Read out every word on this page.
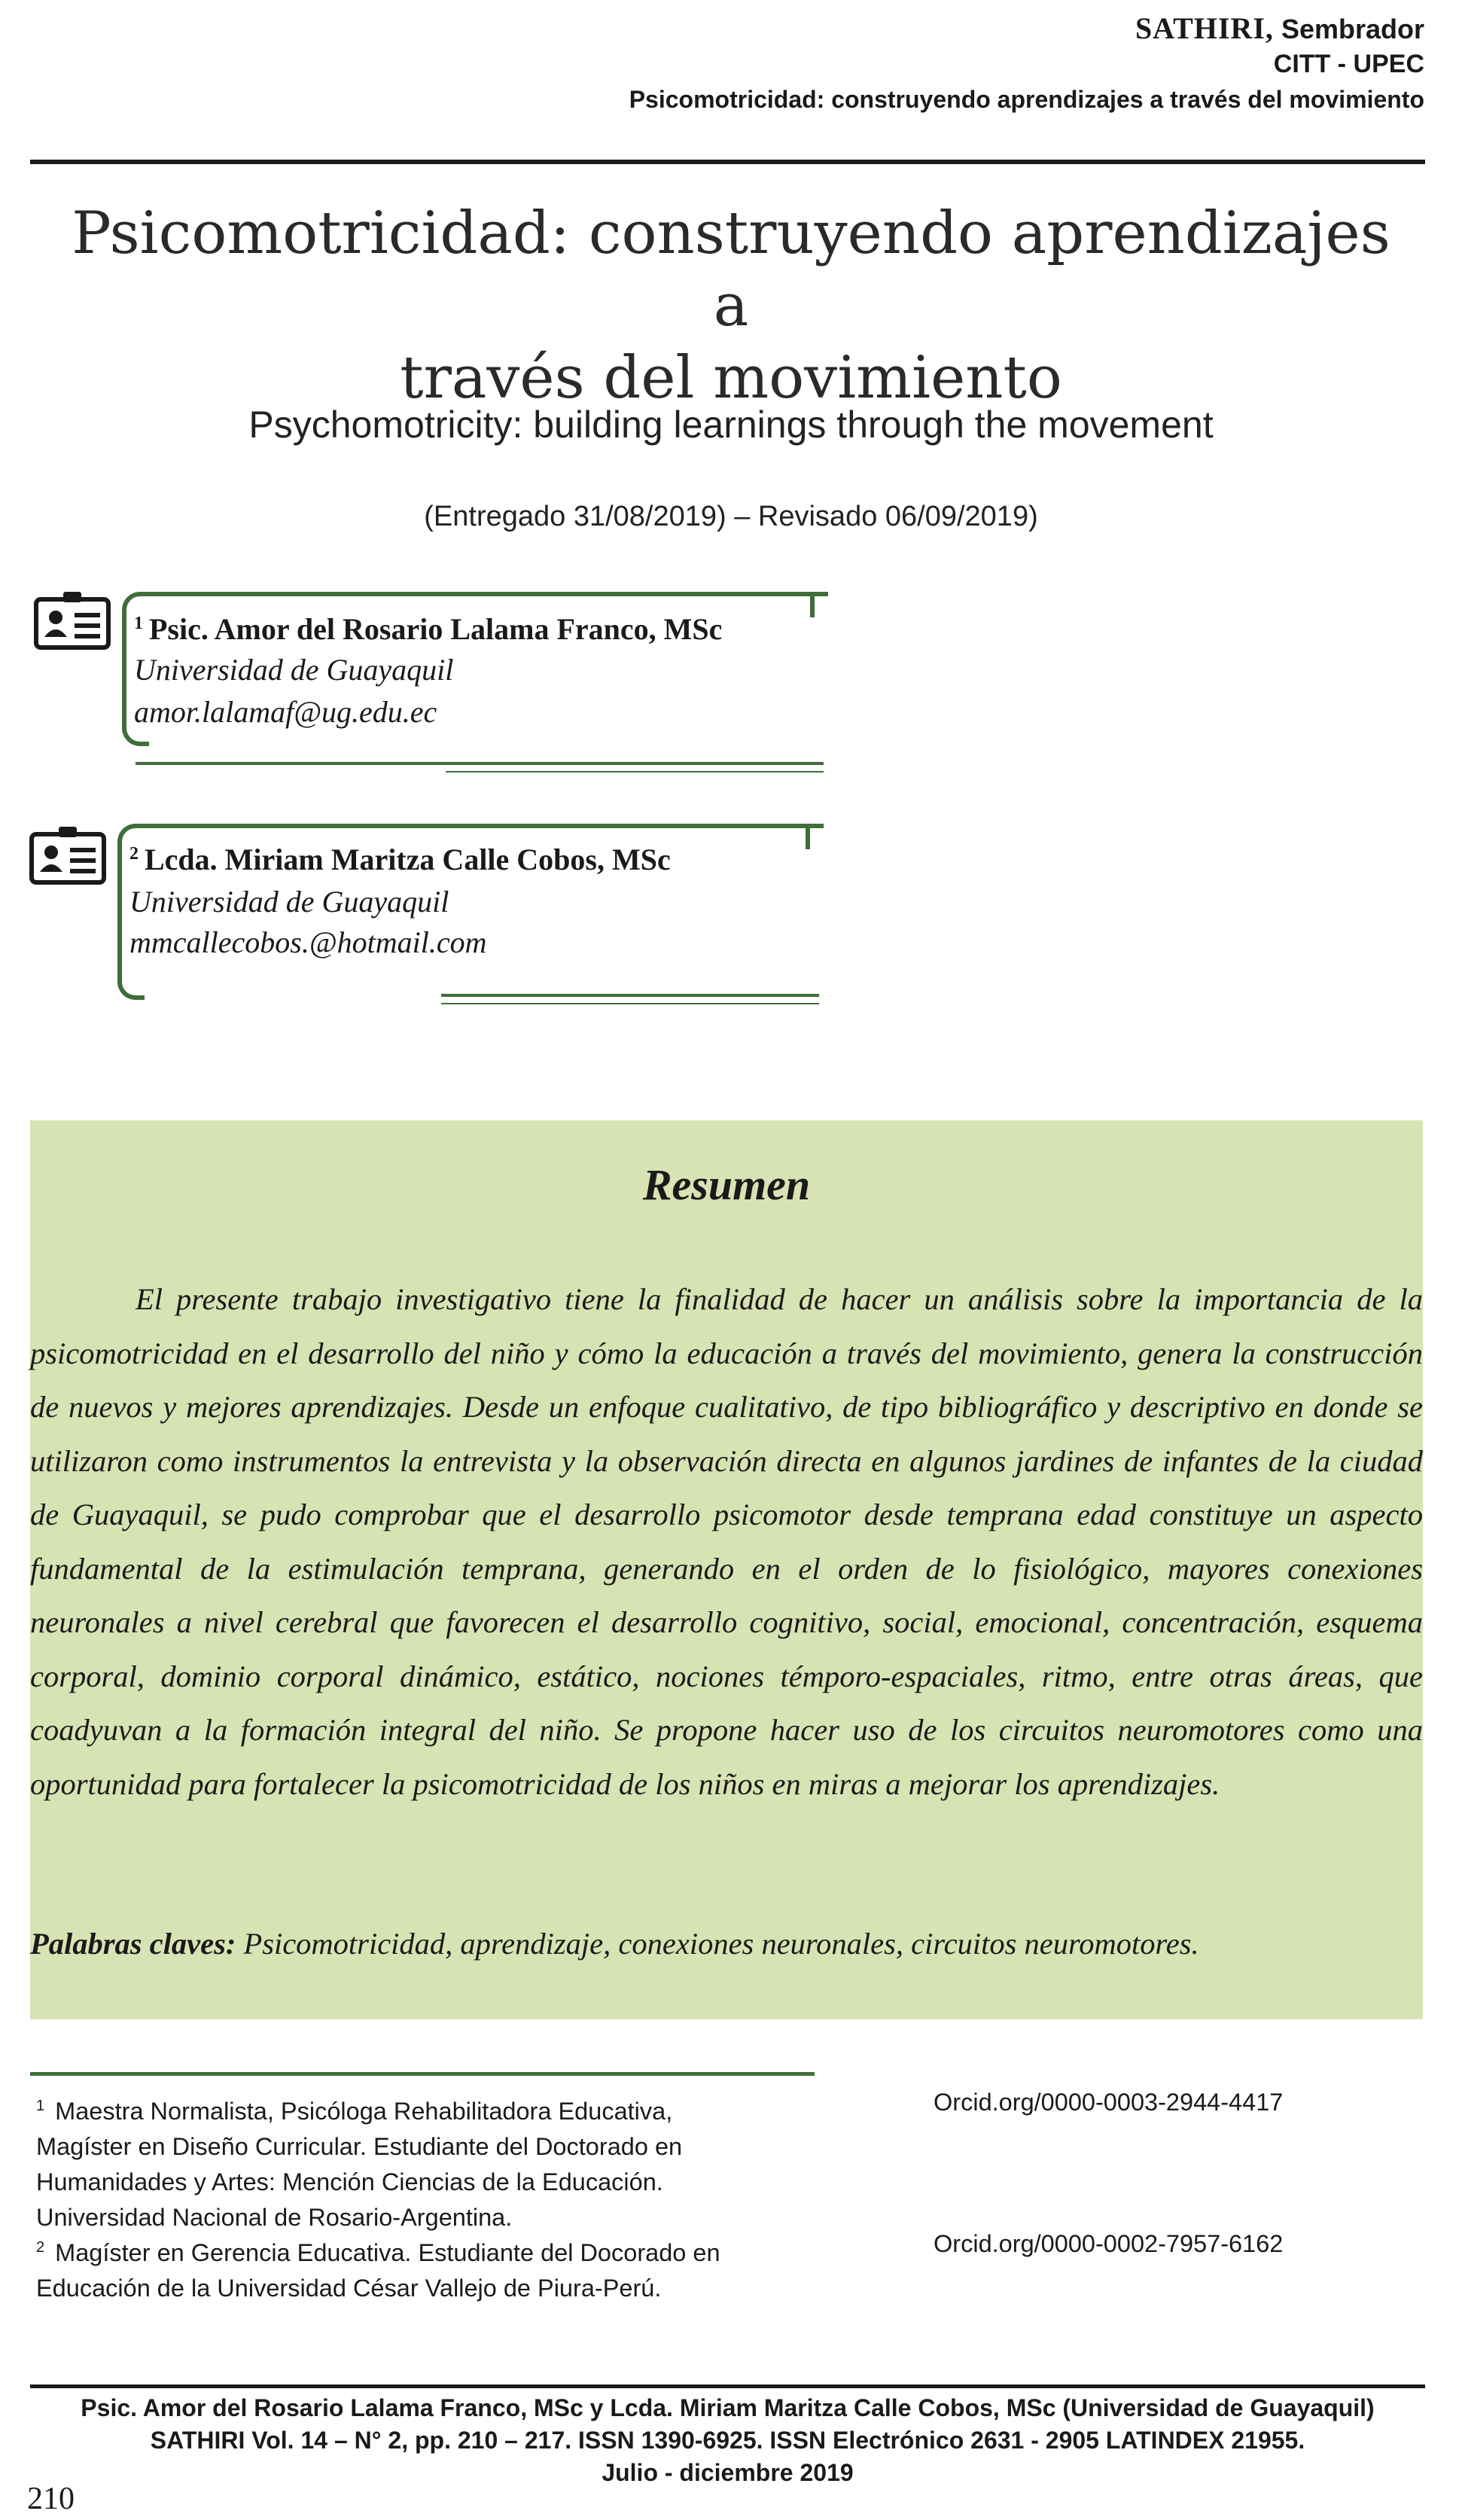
SATHIRI, Sembrador
CITT - UPEC
Psicomotricidad: construyendo aprendizajes a través del movimiento
Psicomotricidad: construyendo aprendizajes a
través del movimiento
Psychomotricity: building learnings through the movement
(Entregado 31/08/2019) – Revisado 06/09/2019)
$^1$ Psic. Amor del Rosario Lalama Franco, MSc
Universidad de Guayaquil
amor.lalamaf@ug.edu.ec
$^2$ Lcda. Miriam Maritza Calle Cobos, MSc
Universidad de Guayaquil
mmcallecobos.@hotmail.com
Resumen
El presente trabajo investigativo tiene la finalidad de hacer un análisis sobre la importancia de la psicomotricidad en el desarrollo del niño y cómo la educación a través del movimiento, genera la construcción de nuevos y mejores aprendizajes. Desde un enfoque cualitativo, de tipo bibliográfico y descriptivo en donde se utilizaron como instrumentos la entrevista y la observación directa en algunos jardines de infantes de la ciudad de Guayaquil, se pudo comprobar que el desarrollo psicomotor desde temprana edad constituye un aspecto fundamental de la estimulación temprana, generando en el orden de lo fisiológico, mayores conexiones neuronales a nivel cerebral que favorecen el desarrollo cognitivo, social, emocional, concentración, esquema corporal, dominio corporal dinámico, estático, nociones témporo-espaciales, ritmo, entre otras áreas, que coadyuvan a la formación integral del niño. Se propone hacer uso de los circuitos neuromotores como una oportunidad para fortalecer la psicomotricidad de los niños en miras a mejorar los aprendizajes.
Palabras claves: Psicomotricidad, aprendizaje, conexiones neuronales, circuitos neuromotores.
$^1$ Maestra Normalista, Psicóloga Rehabilitadora Educativa,
Magíster en Diseño Curricular. Estudiante del Doctorado en
Humanidades y Artes: Mención Ciencias de la Educación.
Universidad Nacional de Rosario-Argentina.
Orcid.org/0000-0003-2944-4417
$^2$ Magíster en Gerencia Educativa. Estudiante del Docorado en
Educación de la Universidad César Vallejo de Piura-Perú.
Orcid.org/0000-0002-7957-6162
Psic. Amor del Rosario Lalama Franco, MSc y Lcda. Miriam Maritza Calle Cobos, MSc (Universidad de Guayaquil)
SATHIRI Vol. 14 – N° 2, pp. 210 – 217. ISSN 1390-6925. ISSN Electrónico 2631 - 2905 LATINDEX 21955.
Julio - diciembre 2019
210
